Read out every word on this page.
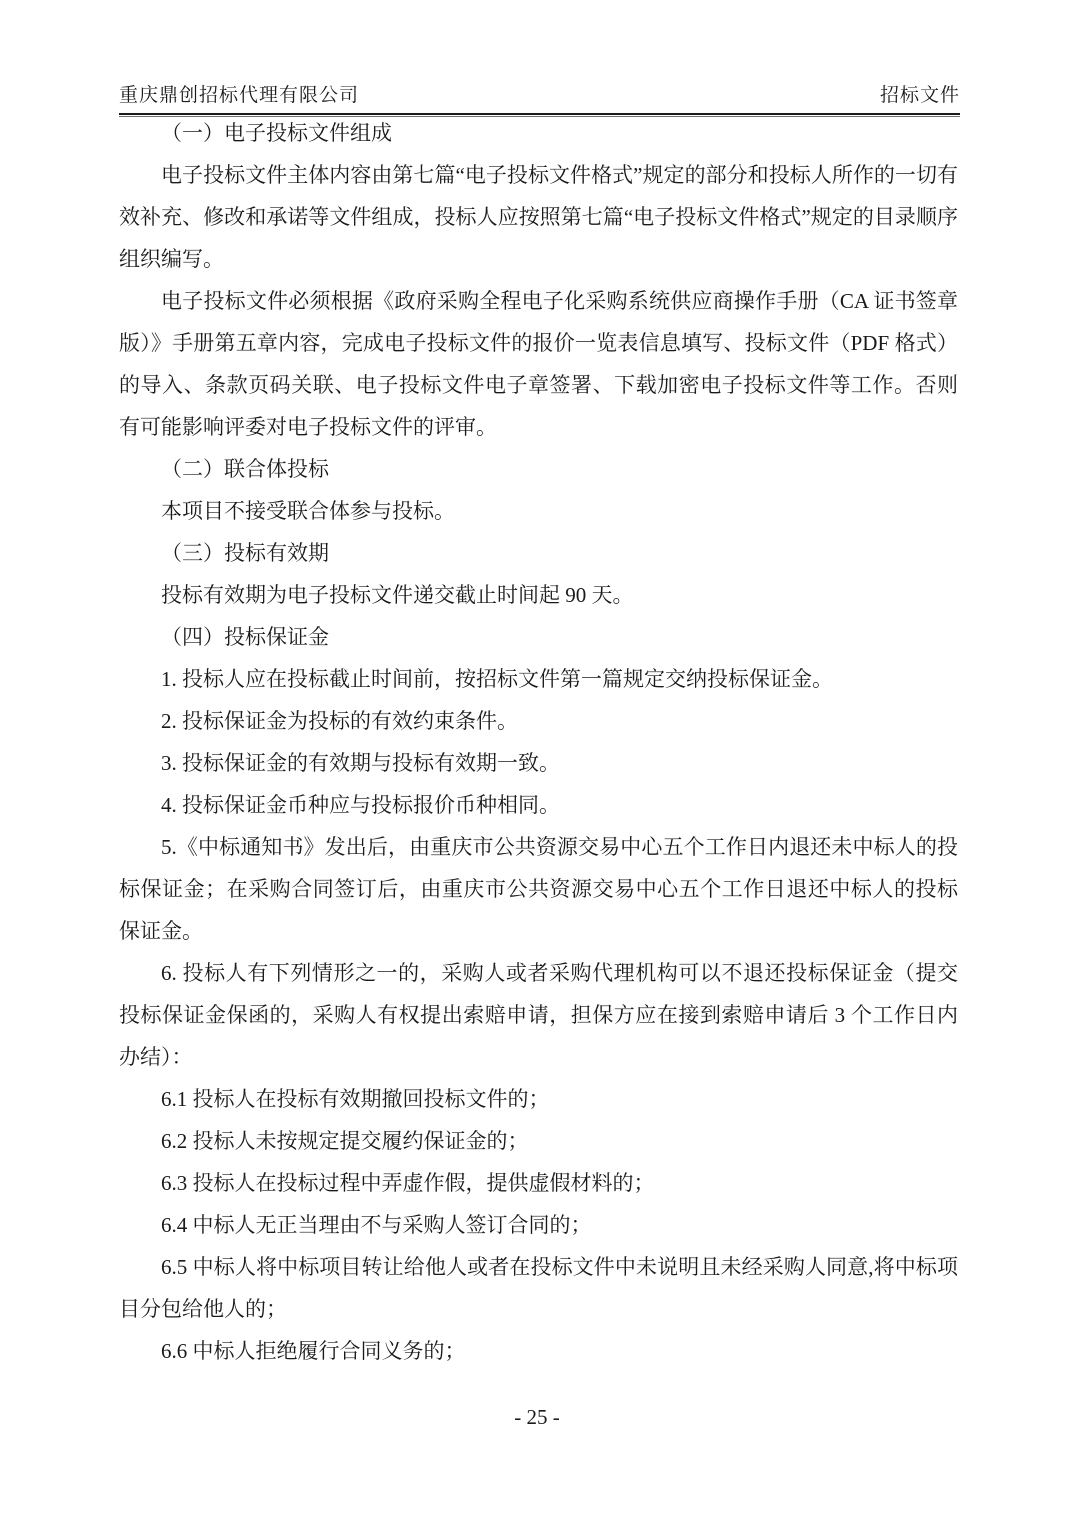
重庆鼎创招标代理有限公司	招标文件

（一）电子投标文件组成

电子投标文件主体内容由第七篇“电子投标文件格式”规定的部分和投标人所作的一切有效补充、修改和承诺等文件组成，投标人应按照第七篇“电子投标文件格式”规定的目录顺序组织编写。

电子投标文件必须根据《政府采购全程电子化采购系统供应商操作手册（CA 证书签章版）》手册第五章内容，完成电子投标文件的报价一览表信息填写、投标文件（PDF 格式）的导入、条款页码关联、电子投标文件电子章签署、下载加密电子投标文件等工作。否则有可能影响评委对电子投标文件的评审。

（二）联合体投标

本项目不接受联合体参与投标。

（三）投标有效期

投标有效期为电子投标文件递交截止时间起 90 天。

（四）投标保证金

1. 投标人应在投标截止时间前，按招标文件第一篇规定交纳投标保证金。

2. 投标保证金为投标的有效约束条件。

3. 投标保证金的有效期与投标有效期一致。

4. 投标保证金币种应与投标报价币种相同。

5.《中标通知书》发出后，由重庆市公共资源交易中心五个工作日内退还未中标人的投标保证金；在采购合同签订后，由重庆市公共资源交易中心五个工作日退还中标人的投标保证金。

6. 投标人有下列情形之一的，采购人或者采购代理机构可以不退还投标保证金（提交投标保证金保函的，采购人有权提出索赔申请，担保方应在接到索赔申请后 3 个工作日内办结）：

6.1 投标人在投标有效期撤回投标文件的；

6.2 投标人未按规定提交履约保证金的；

6.3 投标人在投标过程中弄虚作假，提供虚假材料的；

6.4 中标人无正当理由不与采购人签订合同的；

6.5 中标人将中标项目转让给他人或者在投标文件中未说明且未经采购人同意,将中标项目分包给他人的；

6.6 中标人拒绝履行合同义务的；

- 25 -
